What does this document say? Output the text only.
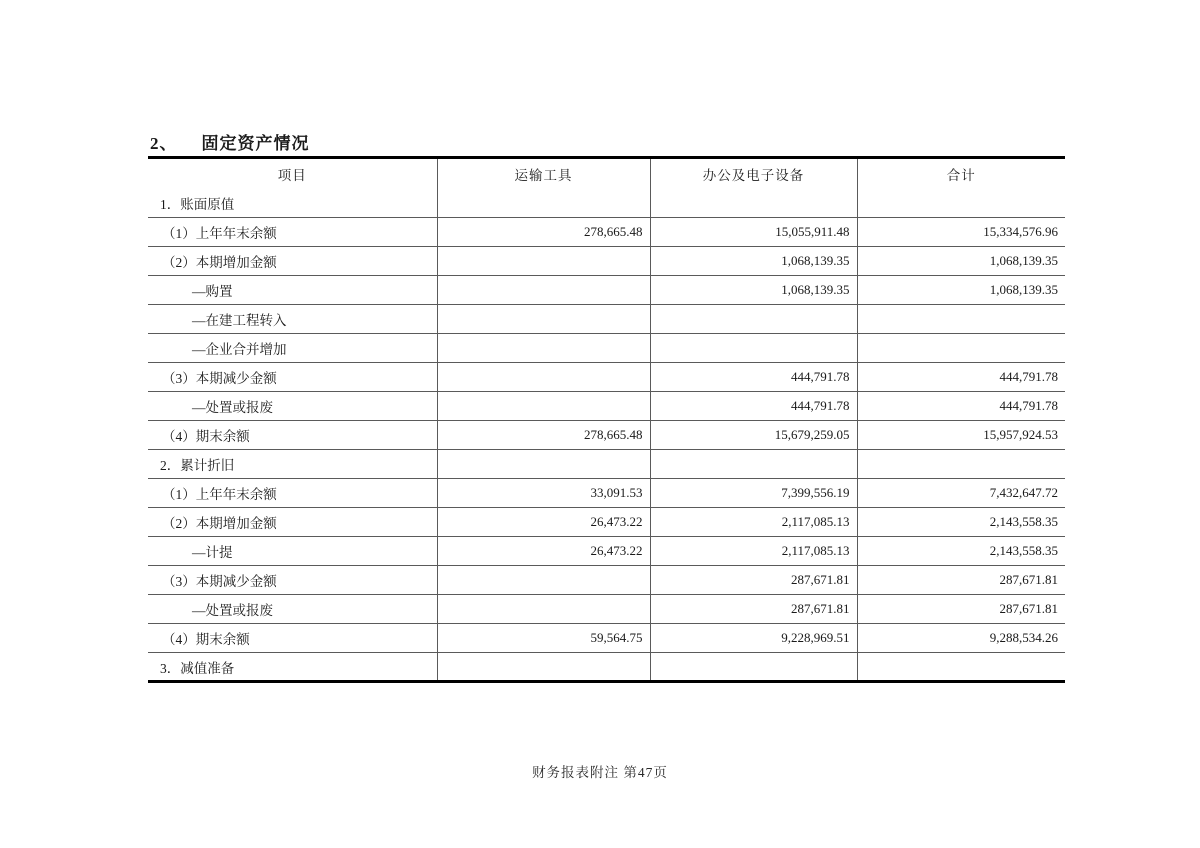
2、 固定资产情况
项目	运输工具	办公及电子设备	合计
1．账面原值			
（1）上年年末余额	278,665.48	15,055,911.48	15,334,576.96
（2）本期增加金额		1,068,139.35	1,068,139.35
—购置		1,068,139.35	1,068,139.35
—在建工程转入			
—企业合并增加			
（3）本期减少金额		444,791.78	444,791.78
—处置或报废		444,791.78	444,791.78
（4）期末余额	278,665.48	15,679,259.05	15,957,924.53
2．累计折旧			
（1）上年年末余额	33,091.53	7,399,556.19	7,432,647.72
（2）本期增加金额	26,473.22	2,117,085.13	2,143,558.35
—计提	26,473.22	2,117,085.13	2,143,558.35
（3）本期减少金额		287,671.81	287,671.81
—处置或报废		287,671.81	287,671.81
（4）期末余额	59,564.75	9,228,969.51	9,288,534.26
3．减值准备			
财务报表附注 第47页
